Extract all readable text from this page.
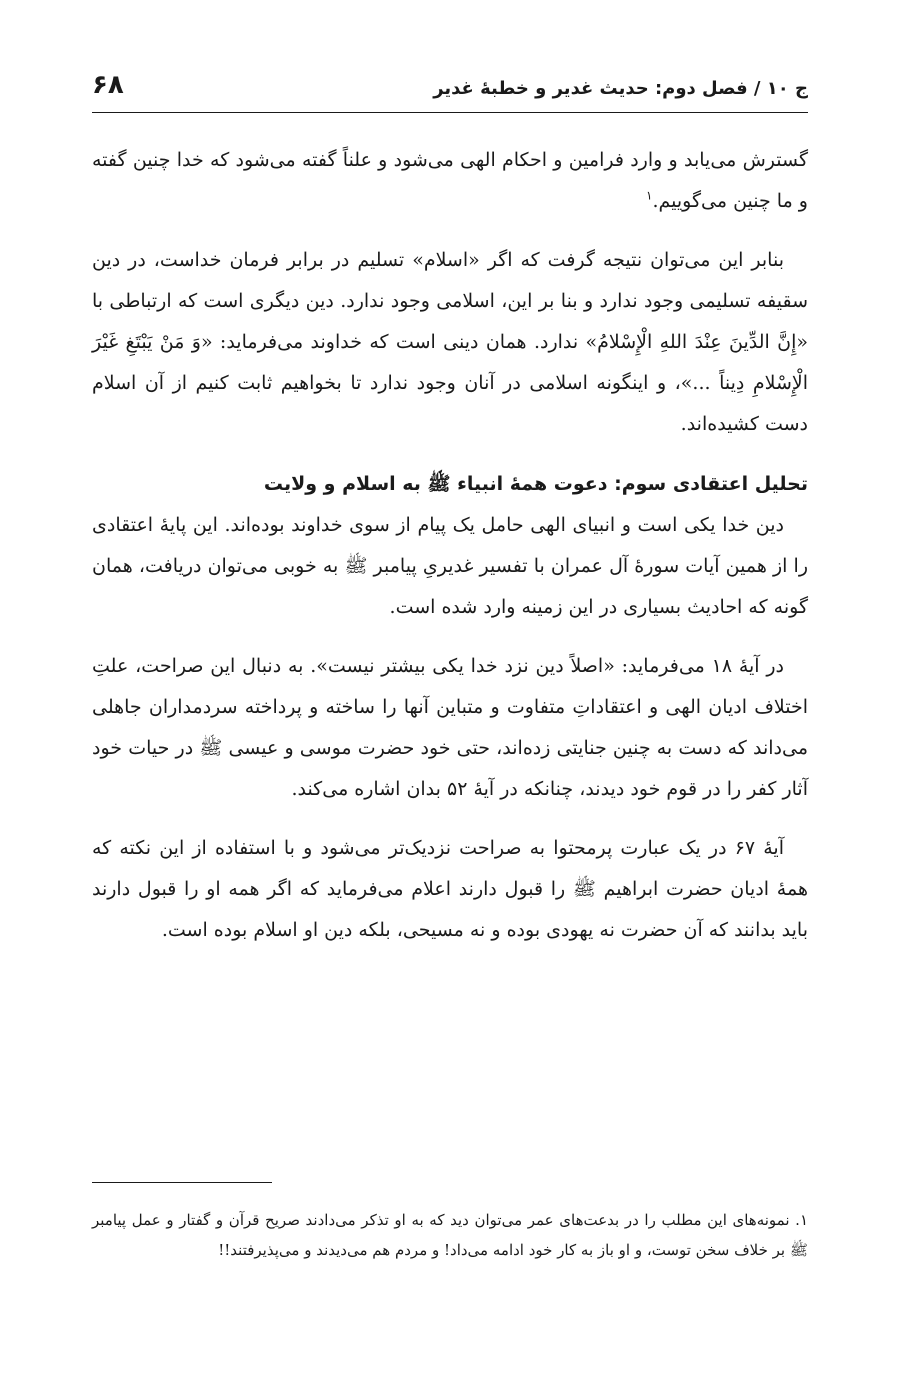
ج ۱۰ / فصل دوم: حدیث غدیر و خطبهٔ غدیر
۶۸

گسترش می‌یابد و وارد فرامین و احکام الهی می‌شود و علناً گفته می‌شود که خدا چنین گفته و ما چنین می‌گوییم.$^۱$

بنابر این می‌توان نتیجه گرفت که اگر «اسلام» تسلیم در برابر فرمان خداست، در دین سقیفه تسلیمی وجود ندارد و بنا بر این، اسلامی وجود ندارد. دین دیگری است که ارتباطی با «إِنَّ الدِّينَ عِنْدَ اللهِ الْإِسْلامُ» ندارد. همان دینی است که خداوند می‌فرماید: «وَ مَنْ يَبْتَغِ غَيْرَ الْإِسْلامِ دِيناً ...»، و اینگونه اسلامی در آنان وجود ندارد تا بخواهیم ثابت کنیم از آن اسلام دست کشیده‌اند.

تحلیل اعتقادی سوم: دعوت همهٔ انبیاء ﷺ به اسلام و ولایت

دین خدا یکی است و انبیای الهی حامل یک پیام از سوی خداوند بوده‌اند. این پایهٔ اعتقادی را از همین آیات سورهٔ آل عمران با تفسیر غدیریِ پیامبر ﷺ به خوبی می‌توان دریافت، همان گونه که احادیث بسیاری در این زمینه وارد شده است.

در آیهٔ ۱۸ می‌فرماید: «اصلاً دین نزد خدا یکی بیشتر نیست». به دنبال این صراحت، علتِ اختلاف ادیان الهی و اعتقاداتِ متفاوت و متباین آنها را ساخته و پرداخته سردمداران جاهلی می‌داند که دست به چنین جنایتی زده‌اند، حتی خود حضرت موسی و عیسی ﷺ در حیات خود آثار کفر را در قوم خود دیدند، چنانکه در آیهٔ ۵۲ بدان اشاره می‌کند.

آیهٔ ۶۷ در یک عبارت پرمحتوا به صراحت نزدیک‌تر می‌شود و با استفاده از این نکته که همهٔ ادیان حضرت ابراهیم ﷺ را قبول دارند اعلام می‌فرماید که اگر همه او را قبول دارند باید بدانند که آن حضرت نه یهودی بوده و نه مسیحی، بلکه دین او اسلام بوده است.

۱. نمونه‌های این مطلب را در بدعت‌های عمر می‌توان دید که به او تذکر می‌دادند صریح قرآن و گفتار و عمل پیامبر ﷺ بر خلاف سخن توست، و او باز به کار خود ادامه می‌داد! و مردم هم می‌دیدند و می‌پذیرفتند!!
